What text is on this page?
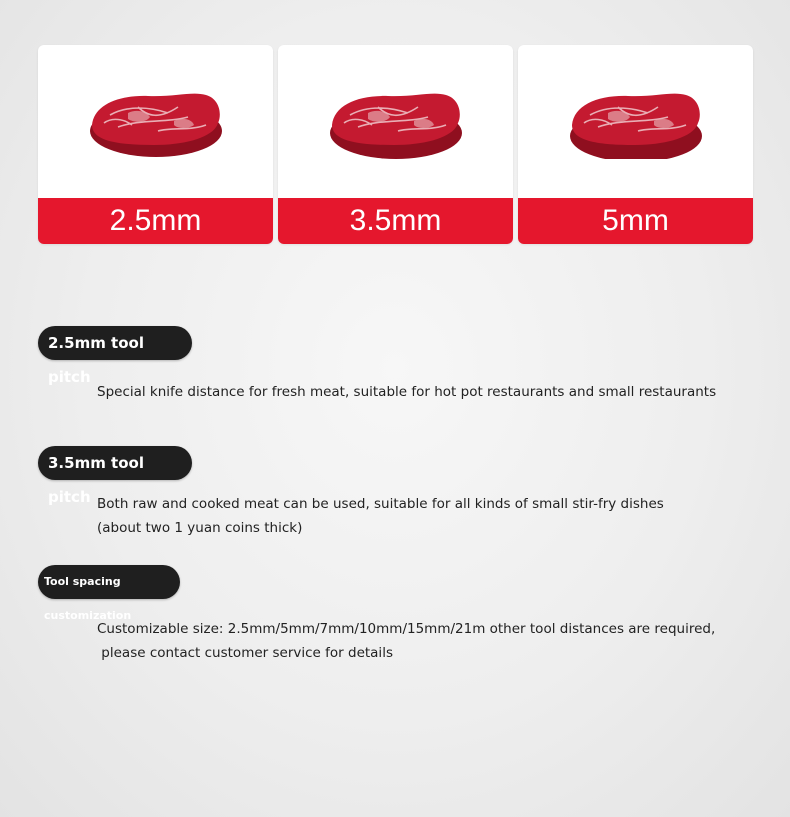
2.5mm	3.5mm	5mm
2.5mm tool pitch
Special knife distance for fresh meat, suitable for hot pot restaurants and small restaurants
3.5mm tool pitch Both raw and cooked meat can be used, suitable for all kinds of small stir-fry dishes
(about two 1 yuan coins thick)
Tool spacing customization
Customizable size: 2.5mm/5mm/7mm/10mm/15mm/21m other tool distances are required,
please contact customer service for details
